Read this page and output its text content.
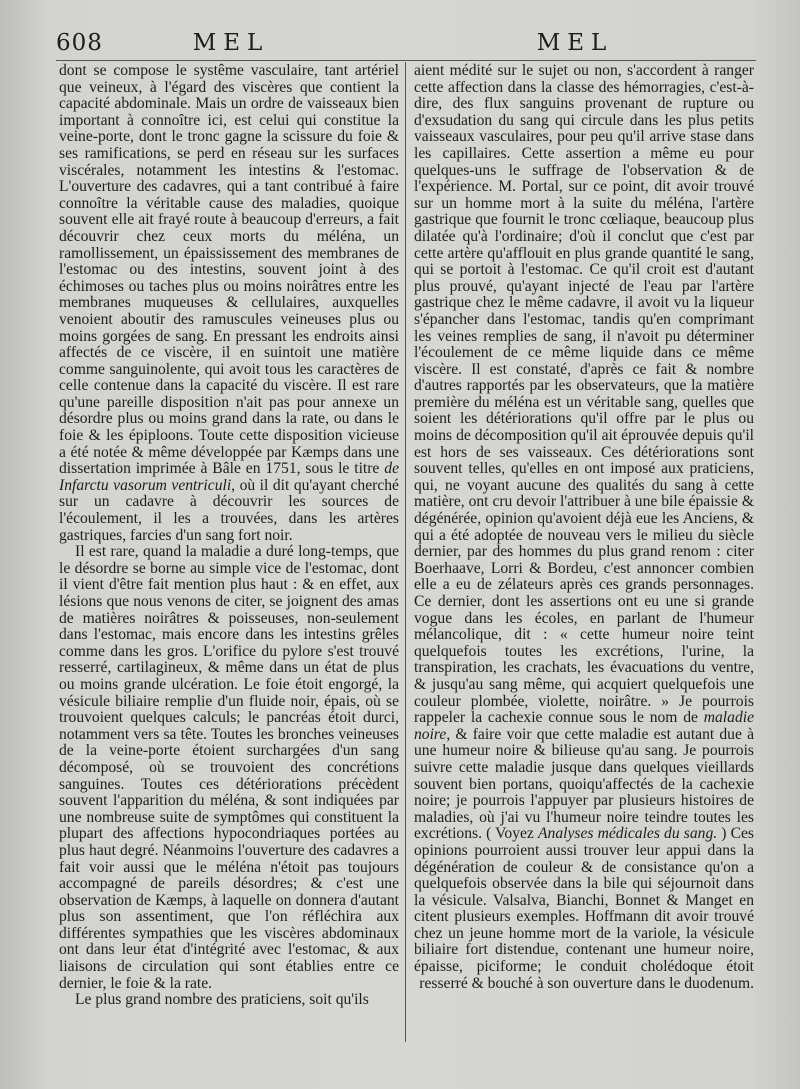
608	MEL	MEL

dont se compose le systême vasculaire, tant artériel que veineux, à l'égard des viscères que contient la capacité abdominale. Mais un ordre de vaisseaux bien important à connoître ici, est celui qui constitue la veine-porte, dont le tronc gagne la scissure du foie & ses ramifications, se perd en réseau sur les surfaces viscérales, notamment les intestins & l'estomac. L'ouverture des cadavres, qui a tant contribué à faire connoître la véritable cause des maladies, quoique souvent elle ait frayé route à beaucoup d'erreurs, a fait découvrir chez ceux morts du méléna, un ramollissement, un épaississement des membranes de l'estomac ou des intestins, souvent joint à des échimoses ou taches plus ou moins noirâtres entre les membranes muqueuses & cellulaires, auxquelles venoient aboutir des ramuscules veineuses plus ou moins gorgées de sang. En pressant les endroits ainsi affectés de ce viscère, il en suintoit une matière comme sanguinolente, qui avoit tous les caractères de celle contenue dans la capacité du viscère. Il est rare qu'une pareille disposition n'ait pas pour annexe un désordre plus ou moins grand dans la rate, ou dans le foie & les épiploons. Toute cette disposition vicieuse a été notée & même développée par Kæmps dans une dissertation imprimée à Bâle en 1751, sous le titre de Infarctu vasorum ventriculi, où il dit qu'ayant cherché sur un cadavre à découvrir les sources de l'écoulement, il les a trouvées, dans les artères gastriques, farcies d'un sang fort noir.

Il est rare, quand la maladie a duré long-temps, que le désordre se borne au simple vice de l'estomac, dont il vient d'être fait mention plus haut : & en effet, aux lésions que nous venons de citer, se joignent des amas de matières noirâtres & poisseuses, non-seulement dans l'estomac, mais encore dans les intestins grêles comme dans les gros. L'orifice du pylore s'est trouvé resserré, cartilagineux, & même dans un état de plus ou moins grande ulcération. Le foie étoit engorgé, la vésicule biliaire remplie d'un fluide noir, épais, où se trouvoient quelques calculs; le pancréas étoit durci, notamment vers sa tête. Toutes les bronches veineuses de la veine-porte étoient surchargées d'un sang décomposé, où se trouvoient des concrétions sanguines. Toutes ces détériorations précèdent souvent l'apparition du méléna, & sont indiquées par une nombreuse suite de symptômes qui constituent la plupart des affections hypocondriaques portées au plus haut degré. Néanmoins l'ouverture des cadavres a fait voir aussi que le méléna n'étoit pas toujours accompagné de pareils désordres; & c'est une observation de Kæmps, à laquelle on donnera d'autant plus son assentiment, que l'on réfléchira aux différentes sympathies que les viscères abdominaux ont dans leur état d'intégrité avec l'estomac, & aux liaisons de circulation qui sont établies entre ce dernier, le foie & la rate.

Le plus grand nombre des praticiens, soit qu'ils

aient médité sur le sujet ou non, s'accordent à ranger cette affection dans la classe des hémorragies, c'est-à-dire, des flux sanguins provenant de rupture ou d'exsudation du sang qui circule dans les plus petits vaisseaux vasculaires, pour peu qu'il arrive stase dans les capillaires. Cette assertion a même eu pour quelques-uns le suffrage de l'observation & de l'expérience. M. Portal, sur ce point, dit avoir trouvé sur un homme mort à la suite du méléna, l'artère gastrique que fournit le tronc cœliaque, beaucoup plus dilatée qu'à l'ordinaire; d'où il conclut que c'est par cette artère qu'afflouit en plus grande quantité le sang, qui se portoit à l'estomac. Ce qu'il croit est d'autant plus prouvé, qu'ayant injecté de l'eau par l'artère gastrique chez le même cadavre, il avoit vu la liqueur s'épancher dans l'estomac, tandis qu'en comprimant les veines remplies de sang, il n'avoit pu déterminer l'écoulement de ce même liquide dans ce même viscère. Il est constaté, d'après ce fait & nombre d'autres rapportés par les observateurs, que la matière première du méléna est un véritable sang, quelles que soient les détériorations qu'il offre par le plus ou moins de décomposition qu'il ait éprouvée depuis qu'il est hors de ses vaisseaux. Ces détériorations sont souvent telles, qu'elles en ont imposé aux praticiens, qui, ne voyant aucune des qualités du sang à cette matière, ont cru devoir l'attribuer à une bile épaissie & dégénérée, opinion qu'avoient déjà eue les Anciens, & qui a été adoptée de nouveau vers le milieu du siècle dernier, par des hommes du plus grand renom : citer Boerhaave, Lorri & Bordeu, c'est annoncer combien elle a eu de zélateurs après ces grands personnages. Ce dernier, dont les assertions ont eu une si grande vogue dans les écoles, en parlant de l'humeur mélancolique, dit : « cette humeur noire teint quelquefois toutes les excrétions, l'urine, la transpiration, les crachats, les évacuations du ventre, & jusqu'au sang même, qui acquiert quelquefois une couleur plombée, violette, noirâtre. » Je pourrois rappeler la cachexie connue sous le nom de maladie noire, & faire voir que cette maladie est autant due à une humeur noire & bilieuse qu'au sang. Je pourrois suivre cette maladie jusque dans quelques vieillards souvent bien portans, quoiqu'affectés de la cachexie noire; je pourrois l'appuyer par plusieurs histoires de maladies, où j'ai vu l'humeur noire teindre toutes les excrétions. ( Voyez Analyses médicales du sang. ) Ces opinions pourroient aussi trouver leur appui dans la dégénération de couleur & de consistance qu'on a quelquefois observée dans la bile qui séjournoit dans la vésicule. Valsalva, Bianchi, Bonnet & Manget en citent plusieurs exemples. Hoffmann dit avoir trouvé chez un jeune homme mort de la variole, la vésicule biliaire fort distendue, contenant une humeur noire, épaisse, piciforme; le conduit cholédoque étoit resserré & bouché à son ouverture dans le duodenum.
